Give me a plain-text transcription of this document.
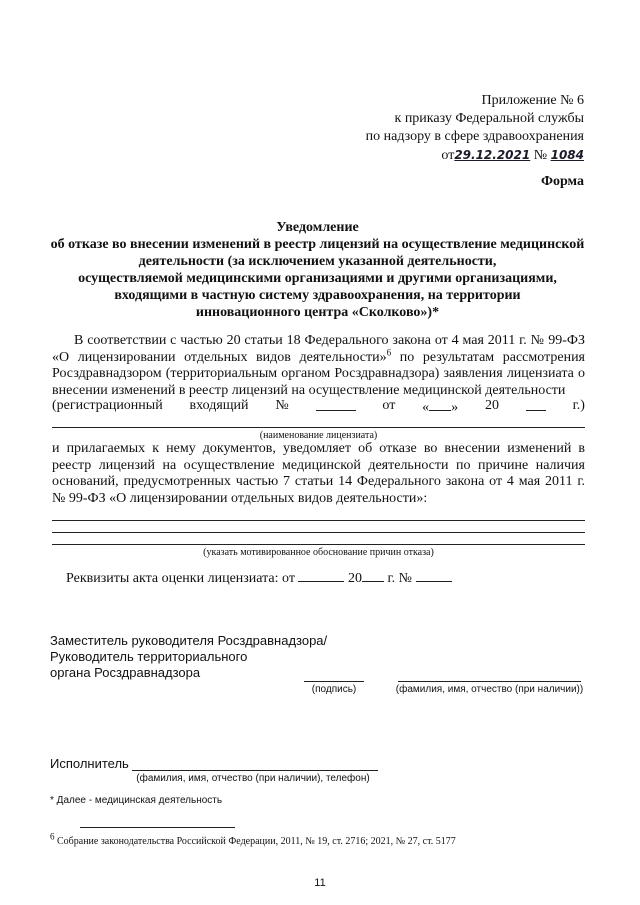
Приложение № 6
к приказу Федеральной службы
по надзору в сфере здравоохранения
от29.12.2021 № 1084
Форма
Уведомление
об отказе во внесении изменений в реестр лицензий на осуществление медицинской
деятельности (за исключением указанной деятельности,
осуществляемой медицинскими организациями и другими организациями,
входящими в частную систему здравоохранения, на территории
инновационного центра «Сколково»)*
В соответствии с частью 20 статьи 18 Федерального закона от 4 мая 2011 г. № 99-ФЗ «О лицензировании отдельных видов деятельности»$^6$ по результатам рассмотрения Росздравнадзором (территориальным органом Росздравнадзора) заявления лицензиата о внесении изменений в реестр лицензий на осуществление медицинской деятельности
(регистрационный входящий №	от « » 20	г.)
(наименование лицензиата)
и прилагаемых к нему документов, уведомляет об отказе во внесении изменений в реестр лицензий на осуществление медицинской деятельности по причине наличия оснований, предусмотренных частью 7 статьи 14 Федерального закона от 4 мая 2011 г. № 99-ФЗ «О лицензировании отдельных видов деятельности»:
(указать мотивированное обоснование причин отказа)
Реквизиты акта оценки лицензиата: от	20 г. №
Заместитель руководителя Росздравнадзора/
Руководитель территориального
органа Росздравнадзора
(подпись)	(фамилия, имя, отчество (при наличии))
Исполнитель
(фамилия, имя, отчество (при наличии), телефон)
* Далее - медицинская деятельность
$^6$ Собрание законодательства Российской Федерации, 2011, № 19, ст. 2716; 2021, № 27, ст. 5177
11
